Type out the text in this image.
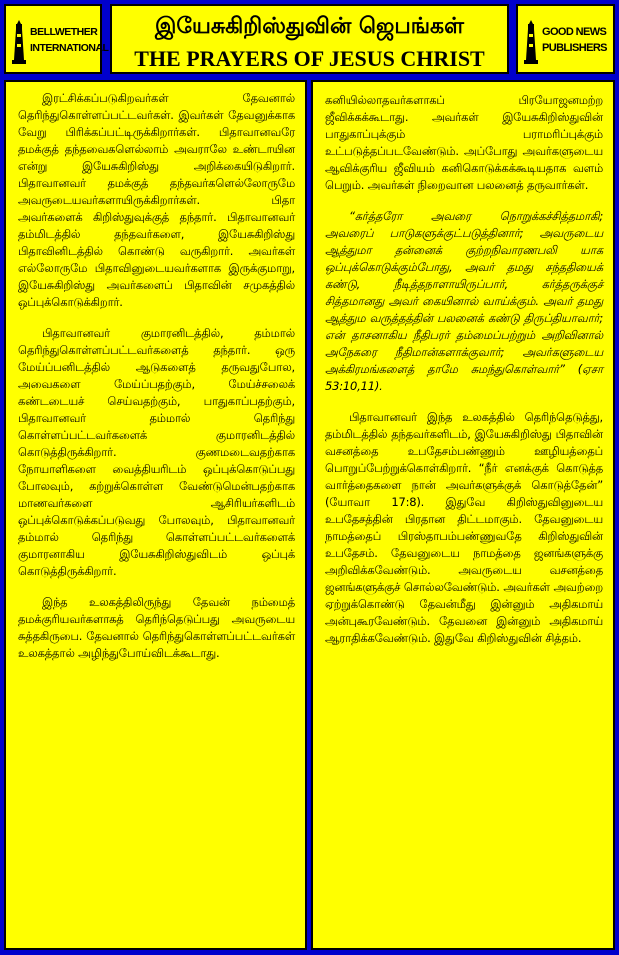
BELLWETHER
INTERNATIONAL
இயேசுகிறிஸ்துவின் ஜெபங்கள்
THE PRAYERS OF JESUS CHRIST
GOOD NEWS
PUBLISHERS

இரட்சிக்கப்படுகிறவர்கள் தேவனால் தெரிந்துகொள்ளப்பட்டவர்கள். இவர்கள் தேவனுக்காக வேறு பிரிக்கப்பட்டிருக்கிறார்கள். பிதாவானவரே தமக்குத் தந்தவைகளெல்லாம் அவராலே உண்டாயின என்று இயேசுகிறிஸ்து அறிக்கையிடுகிறார். பிதாவானவர் தமக்குத் தந்தவர்களெல்லோருமே அவருடையவர்களாயிருக்கிறார்கள். பிதா அவர்களைக் கிறிஸ்துவுக்குத் தந்தார். பிதாவானவர் தம்மிடத்தில் தந்தவர்களை, இயேசுகிறிஸ்து பிதாவினிடத்தில் கொண்டு வருகிறார். அவர்கள் எல்லோருமே பிதாவினுடையவர்களாக இருக்குமாறு, இயேசுகிறிஸ்து அவர்களைப் பிதாவின் சமுகத்தில் ஒப்புக்கொடுக்கிறார்.

பிதாவானவர் குமாரனிடத்தில், தம்மால் தெரிந்துகொள்ளப்பட்டவர்களைத் தந்தார். ஒரு மேய்ப்பனிடத்தில் ஆடுகளைத் தருவதுபோல, அவைகளை மேய்ப்பதற்கும், மேய்ச்சலைக் கண்டடையச் செய்வதற்கும், பாதுகாப்பதற்கும், பிதாவானவர் தம்மால் தெரிந்து கொள்ளப்பட்டவர்களைக் குமாரனிடத்தில் கொடுத்திருக்கிறார். குணமடைவதற்காக நோயாளிகளை வைத்தியரிடம் ஒப்புக்கொடுப்பது போலவும், கற்றுக்கொள்ள வேண்டுமென்பதற்காக மாணவர்களை ஆசிரியர்களிடம் ஒப்புக்கொடுக்கப்படுவது போலவும், பிதாவானவர் தம்மால் தெரிந்து கொள்ளப்பட்டவர்களைக் குமாரனாகிய இயேசுகிறிஸ்துவிடம் ஒப்புக் கொடுத்திருக்கிறார்.

இந்த உலகத்திலிருந்து தேவன் நம்மைத் தமக்குரியவர்களாகத் தெரிந்தெடுப்பது அவருடைய சுத்தகிருபை. தேவனால் தெரிந்துகொள்ளப்பட்டவர்கள் உலகத்தால் அழிந்துபோய்விடக்கூடாது.

கனியில்லாதவர்களாகப் பிரயோஜனமற்ற ஜீவிக்கக்கூடாது. அவர்கள் இயேசுகிறிஸ்துவின் பாதுகாப்புக்கும் பராமரிப்புக்கும் உட்படுத்தப்படவேண்டும். அப்போது அவர்களுடைய ஆவிக்குரிய ஜீவியம் கனிகொடுக்கக்கூடியதாக வளம் பெறும். அவர்கள் நிறைவான பலனைத் தருவார்கள்.

“கர்த்தரோ அவரை நொறுக்கச்சித்தமாகி; அவரைப் பாடுகளுக்குட்படுத்தினார்; அவருடைய ஆத்துமா தன்னைக் குற்றநிவாரணபலி யாக ஒப்புக்கொடுக்கும்போது, அவர் தமது சந்ததியைக் கண்டு, நீடித்தநாளாயிருப்பார், கர்த்தருக்குச் சித்தமானது அவர் கையினால் வாய்க்கும். அவர் தமது ஆத்தும வருத்தத்தின் பலனைக் கண்டு திருப்தியாவார்; என் தாசனாகிய நீதிபரர் தம்மைப்பற்றும் அறிவினால் அநேகரை நீதிமான்களாக்குவார்; அவர்களுடைய அக்கிரமங்களைத் தாமே சுமந்துகொள்வார்” (ஏசா 53:10,11).

பிதாவானவர் இந்த உலகத்தில் தெரிந்தெடுத்து, தம்மிடத்தில் தந்தவர்களிடம், இயேசுகிறிஸ்து பிதாவின் வசனத்தை உபதேசம்பண்ணும் ஊழியத்தைப் பொறுப்பேற்றுக்கொள்கிறார். “நீர் எனக்குக் கொடுத்த வார்த்தைகளை நான் அவர்களுக்குக் கொடுத்தேன்” (யோவா 17:8). இதுவே கிறிஸ்துவினுடைய உபதேசத்தின் பிரதான திட்டமாகும். தேவனுடைய நாமத்தைப் பிரஸ்தாபம்பண்ணுவதே கிறிஸ்துவின் உபதேசம். தேவனுடைய நாமத்தை ஜனங்களுக்கு அறிவிக்கவேண்டும். அவருடைய வசனத்தை ஜனங்களுக்குச் சொல்லவேண்டும். அவர்கள் அவற்றை ஏற்றுக்கொண்டு தேவன்மீது இன்னும் அதிகமாய் அன்புகூரவேண்டும். தேவனை இன்னும் அதிகமாய் ஆராதிக்கவேண்டும். இதுவே கிறிஸ்துவின் சித்தம்.
